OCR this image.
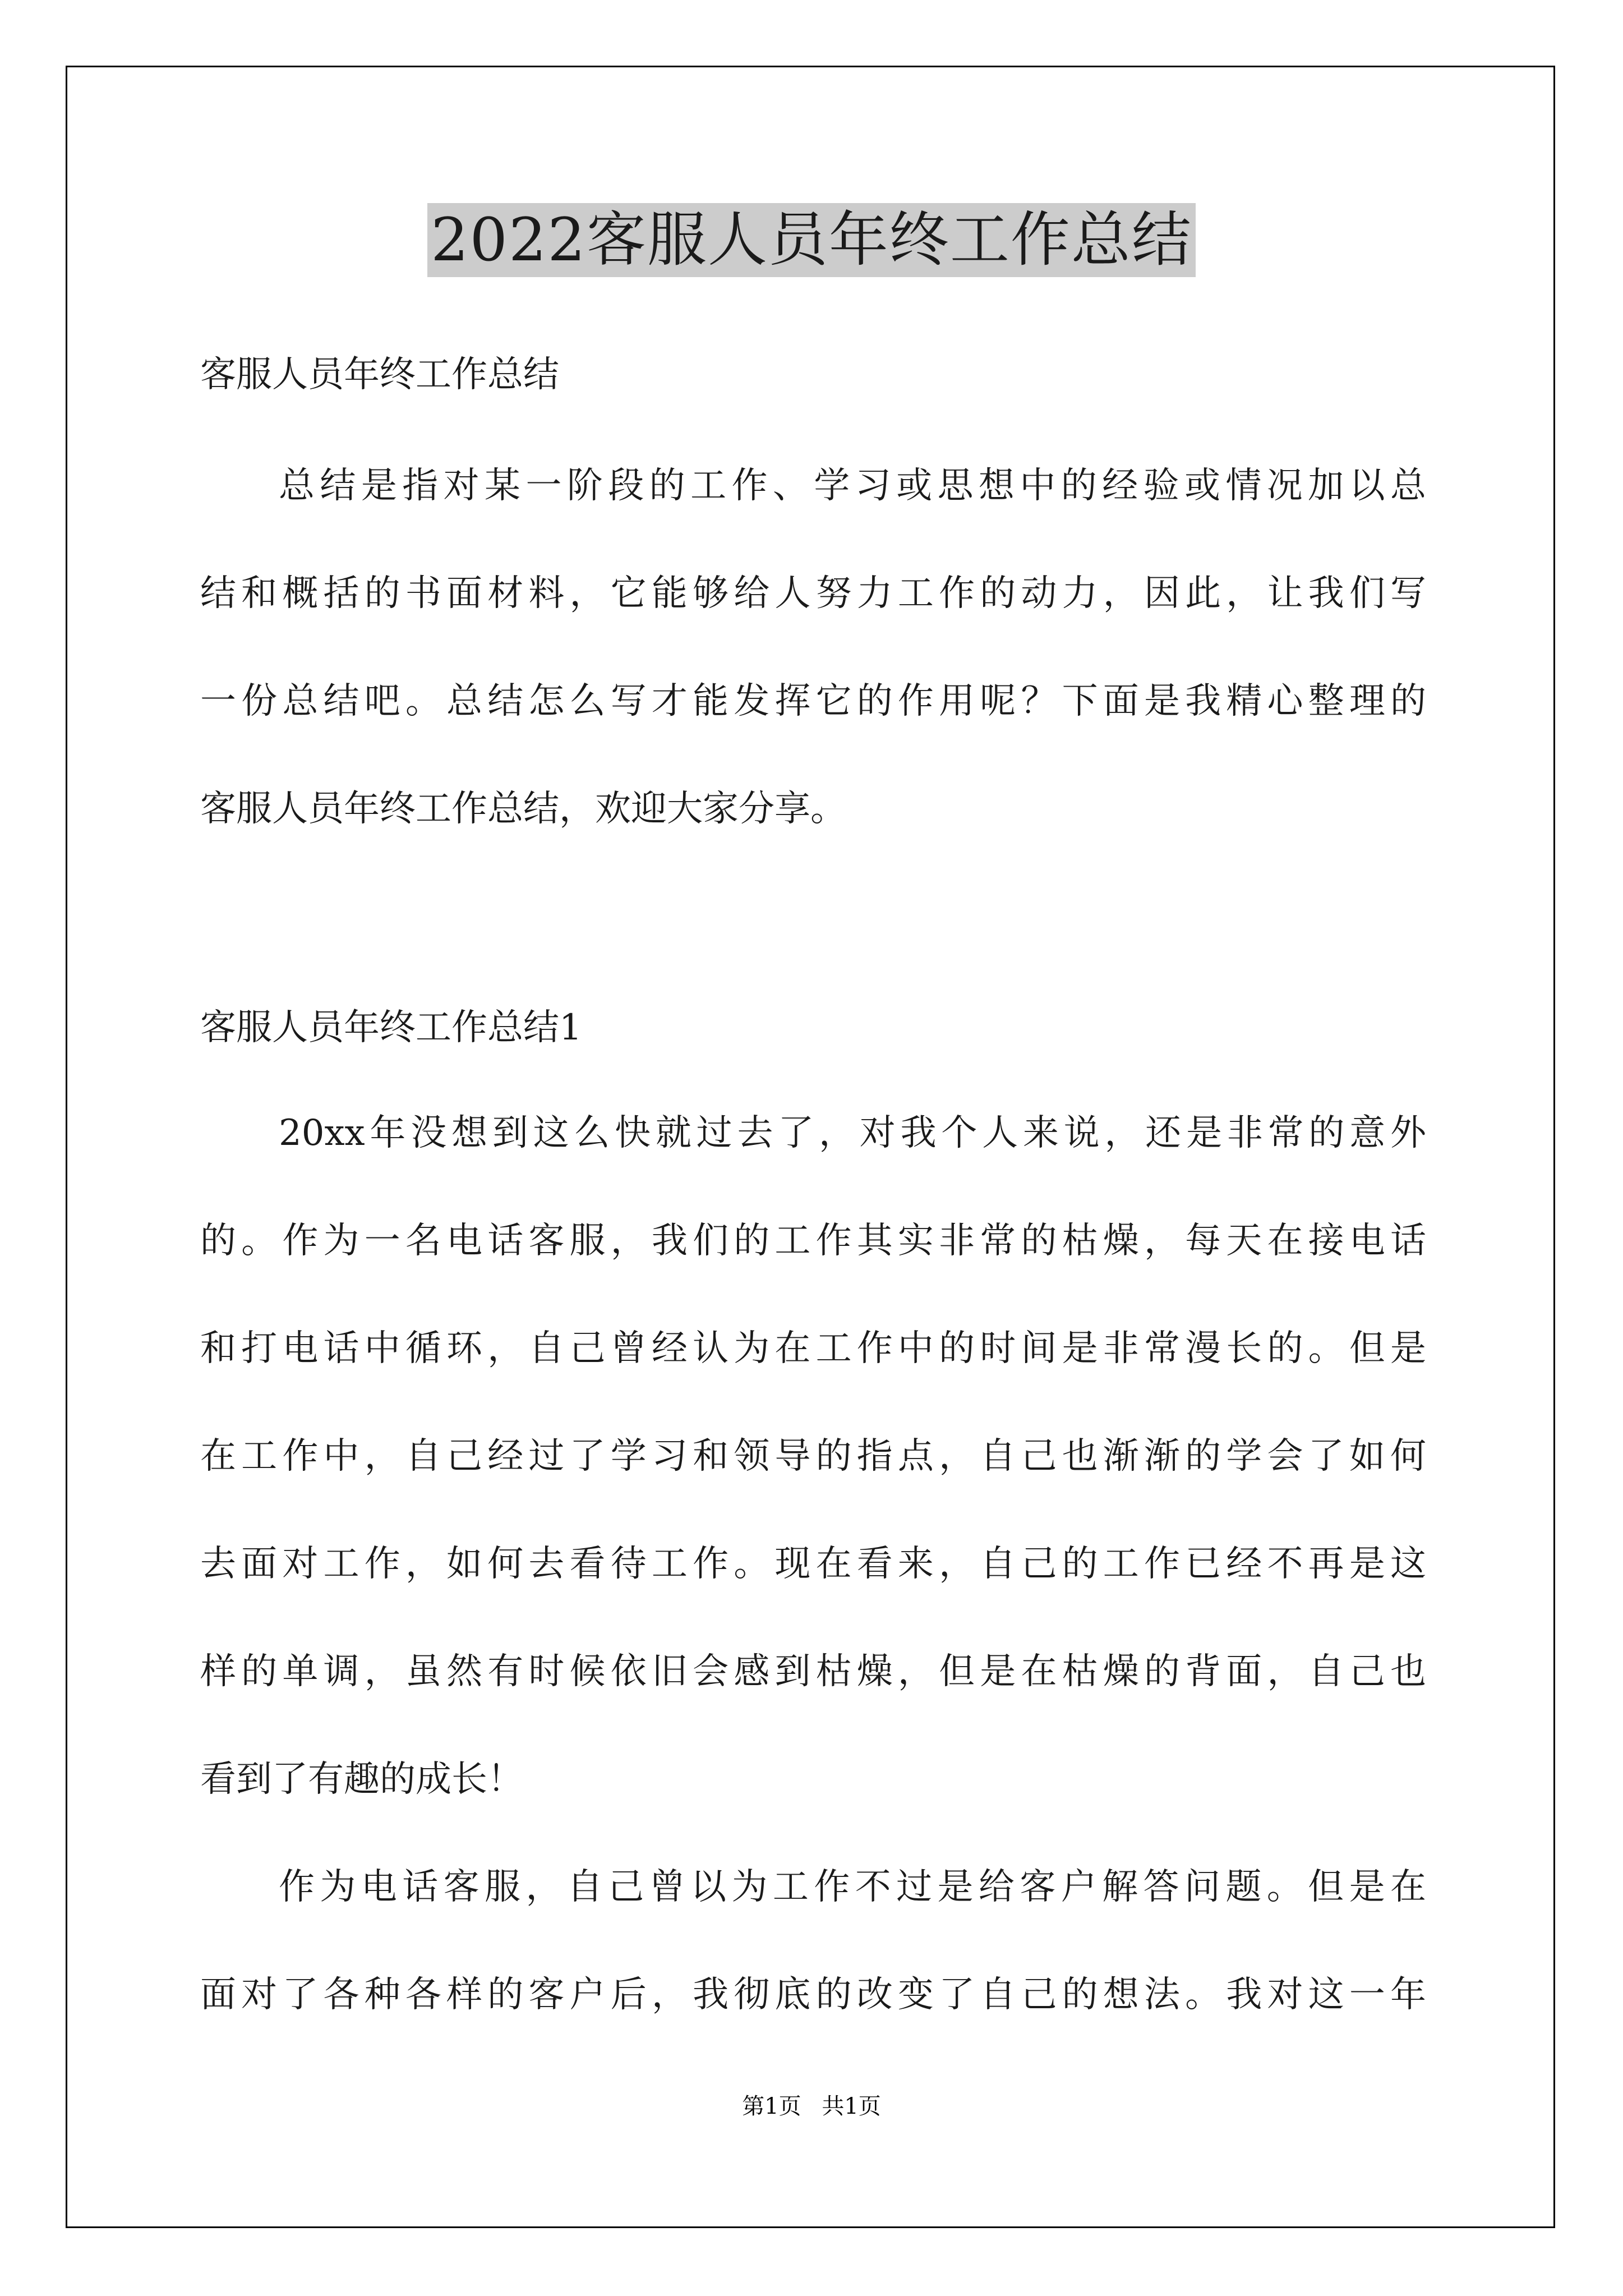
2022客服人员年终工作总结

客服人员年终工作总结

总结是指对某一阶段的工作、学习或思想中的经验或情况加以总

结和概括的书面材料，它能够给人努力工作的动力，因此，让我们写

一份总结吧。总结怎么写才能发挥它的作用呢？下面是我精心整理的

客服人员年终工作总结，欢迎大家分享。

客服人员年终工作总结1

20xx年没想到这么快就过去了，对我个人来说，还是非常的意外

的。作为一名电话客服，我们的工作其实非常的枯燥，每天在接电话

和打电话中循环，自己曾经认为在工作中的时间是非常漫长的。但是

在工作中，自己经过了学习和领导的指点，自己也渐渐的学会了如何

去面对工作，如何去看待工作。现在看来，自己的工作已经不再是这

样的单调，虽然有时候依旧会感到枯燥，但是在枯燥的背面，自己也

看到了有趣的成长！

作为电话客服，自己曾以为工作不过是给客户解答问题。但是在

面对了各种各样的客户后，我彻底的改变了自己的想法。我对这一年

第1页 共1页
